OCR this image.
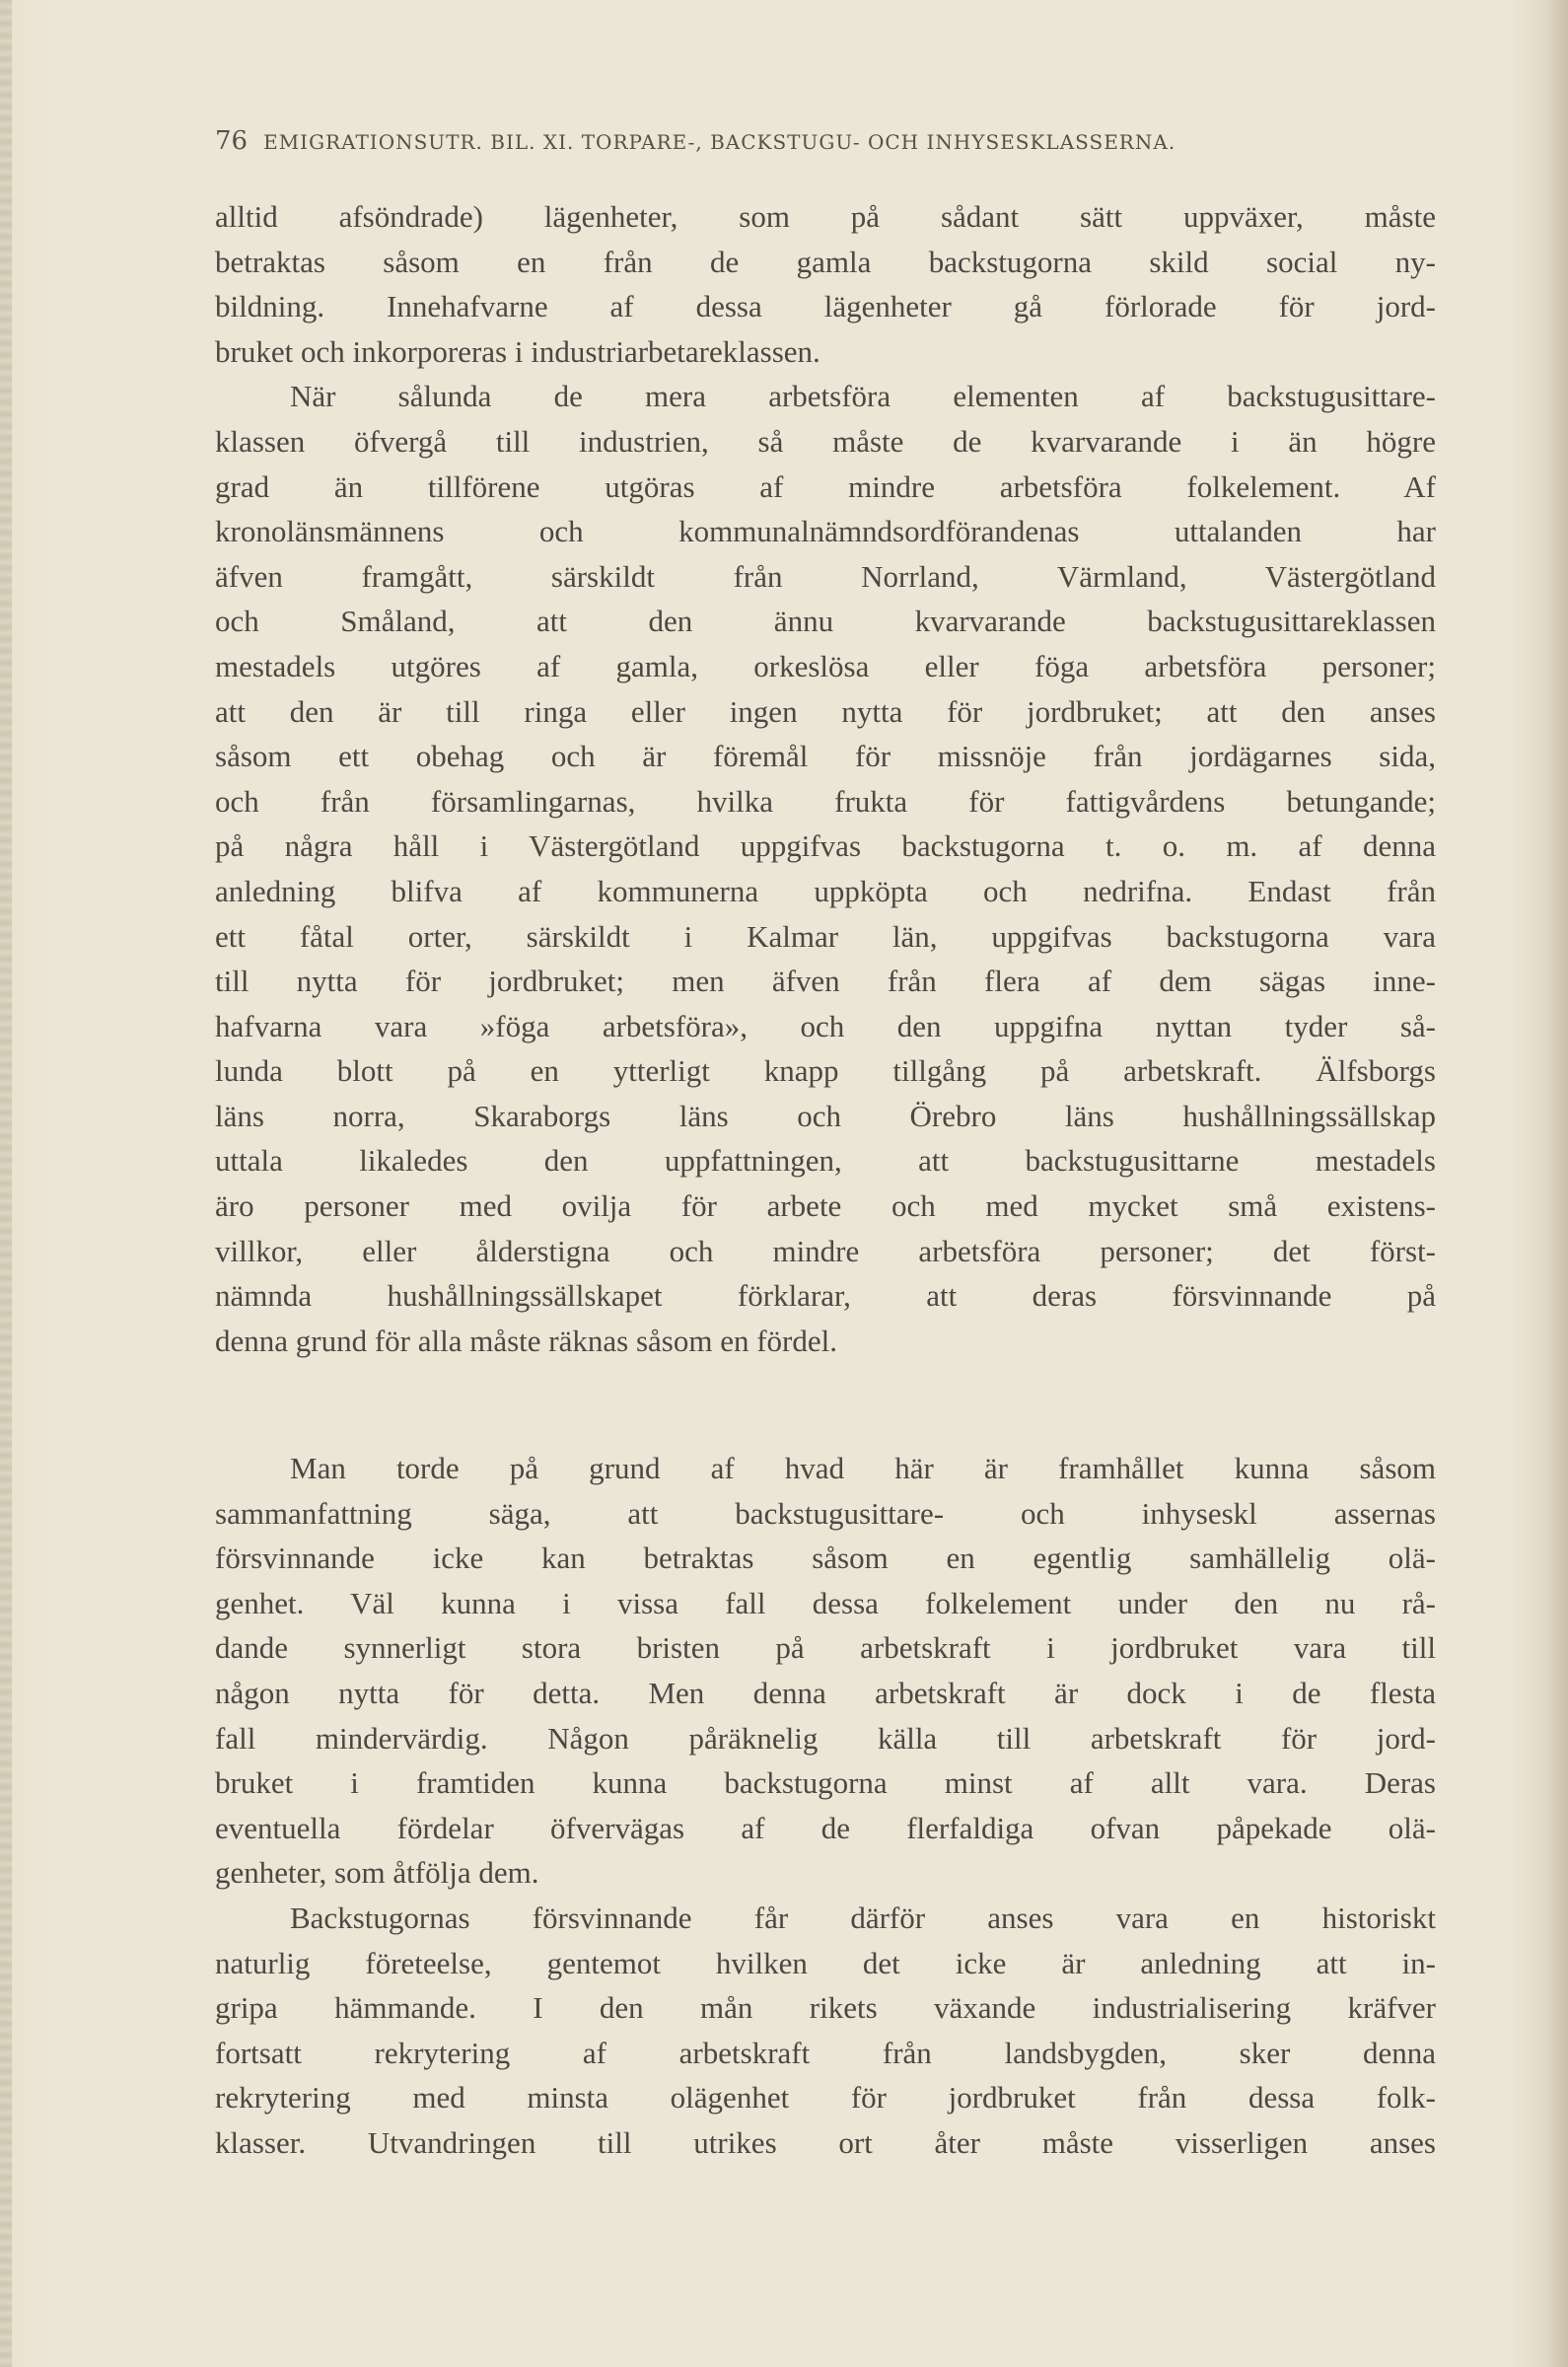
76 EMIGRATIONSUTR. BIL. XI. TORPARE-, BACKSTUGU- OCH INHYSESKLASSERNA.
alltid afsöndrade) lägenheter, som på sådant sätt uppväxer, måste
betraktas såsom en från de gamla backstugorna skild social ny-
bildning. Innehafvarne af dessa lägenheter gå förlorade för jord-
bruket och inkorporeras i industriarbetareklassen.
När sålunda de mera arbetsföra elementen af backstugusittare-
klassen öfvergå till industrien, så måste de kvarvarande i än högre
grad än tillförene utgöras af mindre arbetsföra folkelement. Af
kronolänsmännens och kommunalnämndsordförandenas uttalanden har
äfven framgått, särskildt från Norrland, Värmland, Västergötland
och Småland, att den ännu kvarvarande backstugusittareklassen
mestadels utgöres af gamla, orkeslösa eller föga arbetsföra personer;
att den är till ringa eller ingen nytta för jordbruket; att den anses
såsom ett obehag och är föremål för missnöje från jordägarnes sida,
och från församlingarnas, hvilka frukta för fattigvårdens betungande;
på några håll i Västergötland uppgifvas backstugorna t. o. m. af denna
anledning blifva af kommunerna uppköpta och nedrifna. Endast från
ett fåtal orter, särskildt i Kalmar län, uppgifvas backstugorna vara
till nytta för jordbruket; men äfven från flera af dem sägas inne-
hafvarna vara »föga arbetsföra», och den uppgifna nyttan tyder så-
lunda blott på en ytterligt knapp tillgång på arbetskraft. Älfsborgs
läns norra, Skaraborgs läns och Örebro läns hushållningssällskap
uttala likaledes den uppfattningen, att backstugusittarne mestadels
äro personer med ovilja för arbete och med mycket små existens-
villkor, eller ålderstigna och mindre arbetsföra personer; det först-
nämnda hushållningssällskapet förklarar, att deras försvinnande på
denna grund för alla måste räknas såsom en fördel.
Man torde på grund af hvad här är framhållet kunna såsom
sammanfattning säga, att backstugusittare- och inhyseskl assernas
försvinnande icke kan betraktas såsom en egentlig samhällelig olä-
genhet. Väl kunna i vissa fall dessa folkelement under den nu rå-
dande synnerligt stora bristen på arbetskraft i jordbruket vara till
någon nytta för detta. Men denna arbetskraft är dock i de flesta
fall mindervärdig. Någon påräknelig källa till arbetskraft för jord-
bruket i framtiden kunna backstugorna minst af allt vara. Deras
eventuella fördelar öfvervägas af de flerfaldiga ofvan påpekade olä-
genheter, som åtfölja dem.
Backstugornas försvinnande får därför anses vara en historiskt
naturlig företeelse, gentemot hvilken det icke är anledning att in-
gripa hämmande. I den mån rikets växande industrialisering kräfver
fortsatt rekrytering af arbetskraft från landsbygden, sker denna
rekrytering med minsta olägenhet för jordbruket från dessa folk-
klasser. Utvandringen till utrikes ort åter måste visserligen anses
